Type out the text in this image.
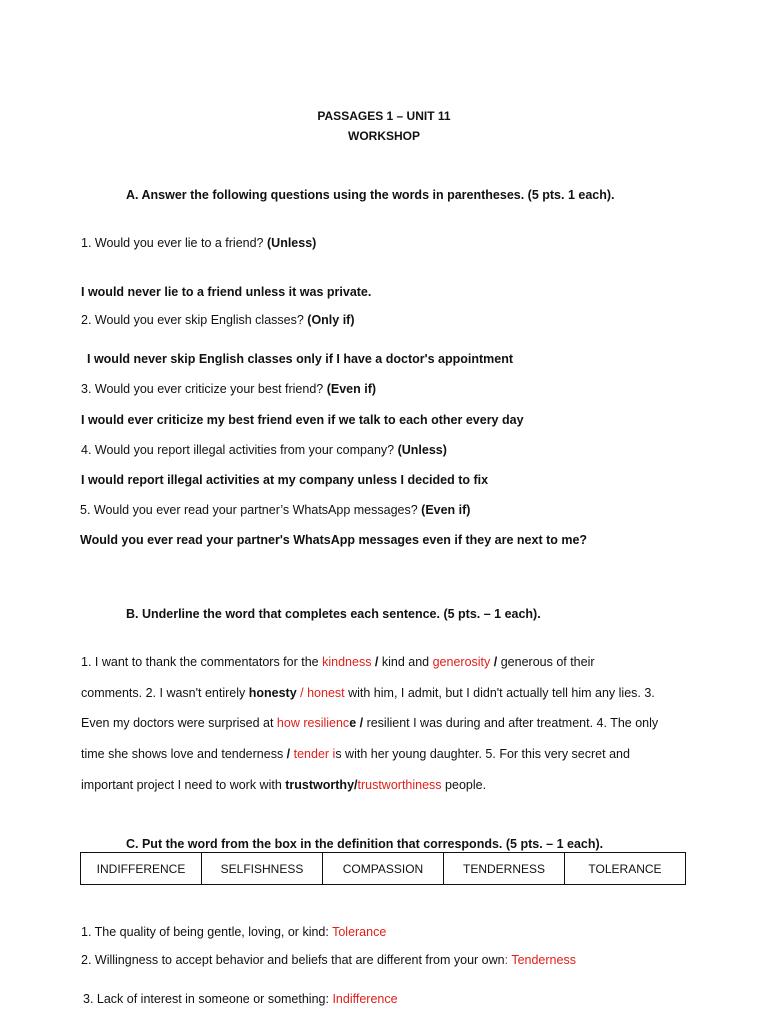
PASSAGES 1 – UNIT 11
WORKSHOP
A. Answer the following questions using the words in parentheses. (5 pts. 1 each).
1. Would you ever lie to a friend? (Unless)
I would never lie to a friend unless it was private.
2. Would you ever skip English classes? (Only if)
I would never skip English classes only if I have a doctor's appointment
3. Would you ever criticize your best friend? (Even if)
I would ever criticize my best friend even if we talk to each other every day
4. Would you report illegal activities from your company? (Unless)
I would report illegal activities at my company unless I decided to fix
5. Would you ever read your partner’s WhatsApp messages? (Even if)
Would you ever read your partner's WhatsApp messages even if they are next to me?
B. Underline the word that completes each sentence. (5 pts. – 1 each).
1. I want to thank the commentators for the kindness / kind and generosity / generous of their
comments. 2. I wasn't entirely honesty / honest with him, I admit, but I didn't actually tell him any lies. 3.
Even my doctors were surprised at how resilience / resilient I was during and after treatment. 4. The only
time she shows love and tenderness / tender is with her young daughter. 5. For this very secret and
important project I need to work with trustworthy/trustworthiness people.
C. Put the word from the box in the definition that corresponds. (5 pts. – 1 each).
INDIFFERENCE	SELFISHNESS	COMPASSION	TENDERNESS	TOLERANCE
1. The quality of being gentle, loving, or kind: Tolerance
2. Willingness to accept behavior and beliefs that are different from your own: Tenderness
3. Lack of interest in someone or something: Indifference
